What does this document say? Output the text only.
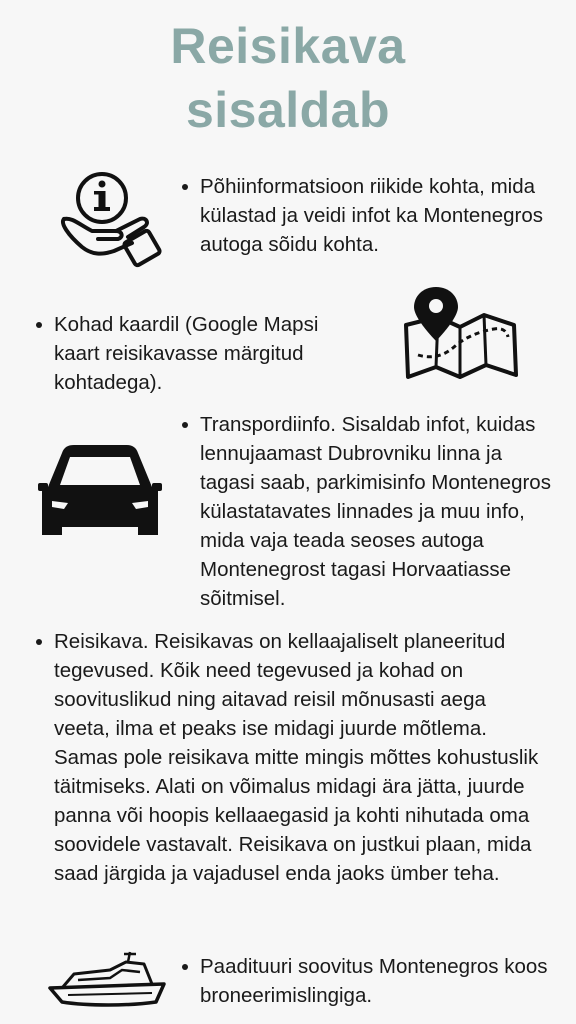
Reisikava
sisaldab
Põhiinformatsioon riikide kohta, mida külastad ja veidi infot ka Montenegros autoga sõidu kohta.
Kohad kaardil (Google Mapsi kaart reisikavasse märgitud kohtadega).
Transpordiinfo. Sisaldab infot, kuidas lennujaamast Dubrovniku linna ja tagasi saab, parkimisinfo Montenegros külastatavates linnades ja muu info, mida vaja teada seoses autoga Montenegrost tagasi Horvaatiasse sõitmisel.
Reisikava. Reisikavas on kellaajaliselt planeeritud tegevused. Kõik need tegevused ja kohad on soovituslikud ning aitavad reisil mõnusasti aega veeta, ilma et peaks ise midagi juurde mõtlema. Samas pole reisikava mitte mingis mõttes kohustuslik täitmiseks. Alati on võimalus midagi ära jätta, juurde panna või hoopis kellaaegasid ja kohti nihutada oma soovidele vastavalt. Reisikava on justkui plaan, mida saad järgida ja vajadusel enda jaoks ümber teha.
Paadituuri soovitus Montenegros koos broneerimislingiga.
